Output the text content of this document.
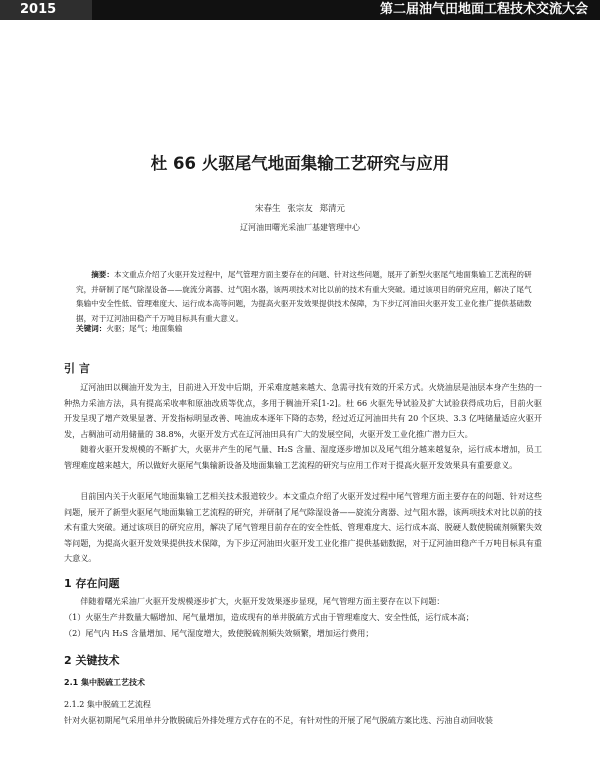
2015	第二届油气田地面工程技术交流大会
杜 66 火驱尾气地面集输工艺研究与应用
宋春生 张宗友 郑清元
辽河油田曙光采油厂基建管理中心

摘要：本文重点介绍了火驱开发过程中，尾气管理方面主要存在的问题、针对这些问题，展开了新型火驱尾气地面集输工艺流程的研究，并研制了尾气除湿设备——旋流分离器、过气阻水器，该两项技术对比以前的技术有重大突破。通过该项目的研究应用，解决了尾气集输中安全性低、管理难度大、运行成本高等问题，为提高火驱开发效果提供技术保障，为下步辽河油田火驱开发工业化推广提供基础数据，对于辽河油田稳产千万吨目标具有重大意义。

关键词：火驱；尾气；地面集输

引 言

辽河油田以稠油开发为主，目前进入开发中后期，开采难度越来越大、急需寻找有效的开采方式。火烧油层是油层本身产生热的一种热力采油方法，具有提高采收率和原油改质等优点，多用于稠油开采[1-2]。杜 66 火驱先导试验及扩大试验获得成功后，目前火驱开发呈现了增产效果显著、开发指标明显改善、吨油成本逐年下降的态势，经过近辽河油田共有 20 个区块、3.3 亿吨储量适应火驱开发，占稠油可动用储量的 38.8%，火驱开发方式在辽河油田具有广大的发展空间，火驱开发工业化推广潜力巨大。

随着火驱开发规模的不断扩大，火驱井产生的尾气量、H₂S 含量、湿度逐步增加以及尾气组分越来越复杂，运行成本增加，员工管理难度越来越大，所以做好火驱尾气集输新设备及地面集输工艺流程的研究与应用工作对于提高火驱开发效果具有重要意义。

目前国内关于火驱尾气地面集输工艺相关技术报道较少。本文重点介绍了火驱开发过程中尾气管理方面主要存在的问题、针对这些问题，展开了新型火驱尾气地面集输工艺流程的研究，并研制了尾气除湿设备——旋流分离器、过气阻水器，该两项技术对比以前的技术有重大突破。通过该项目的研究应用，解决了尾气管理目前存在的安全性低、管理难度大、运行成本高、脱硬人数使脱硫剂频繁失效等问题，为提高火驱开发效果提供技术保障，为下步辽河油田火驱开发工业化推广提供基础数据，对于辽河油田稳产千万吨目标具有重大意义。

1 存在问题

伴随着曙光采油厂火驱开发规模逐步扩大，火驱开发效果逐步显现，尾气管理方面主要存在以下问题：

（1）火驱生产井数量大幅增加、尾气量增加，造成现有的单井脱硫方式由于管理难度大、安全性低，运行成本高；
（2）尾气内 H₂S 含量增加、尾气湿度增大，致使脱硫剂频失效频繁，增加运行费用；
2 关键技术
2.1 集中脱硫工艺技术
2.1.2 集中脱硫工艺流程
针对火驱初期尾气采用单井分散脱硫后外排处理方式存在的不足，有针对性的开展了尾气脱硫方案比选、污油自动回收装
